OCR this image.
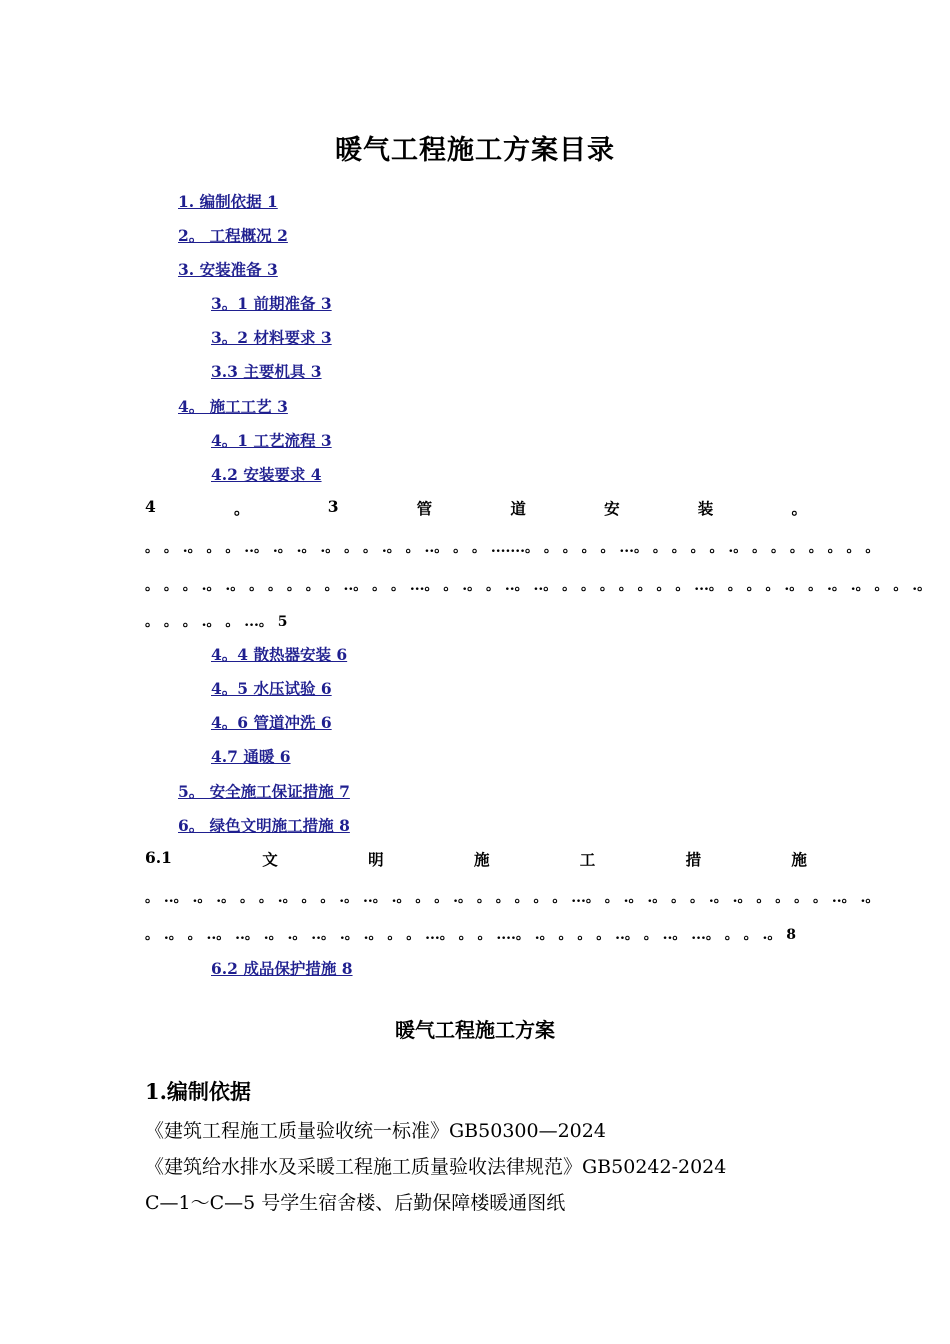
暖气工程施工方案目录
1. 编制依据 1
2。 工程概况 2
3. 安装准备 3
3。1 前期准备 3
3。2 材料要求 3
3.3 主要机具 3
4。 施工工艺 3
4。1 工艺流程 3
4.2 安装要求 4
4	。	3	管	道	安	装	。
。 。 .。 。 。 ..。 .。 .。 .。 。 。 .。 。 ..。 。 。 .......。 。 。 。 。 ...。 。 。 。 。 .。 。 。 。 。 。 。 。
。 。 。 .。 .。 。 。 。 。 。 ..。 。 。 ...。 。 .。 。 ..。 ..。 。 。 。 。 。 。 。 ...。 。 。 。 .。 。 .。 .。 。 。 .。
。 。 。 .。 。 ...。 5
4。4 散热器安装 6
4。5 水压试验 6
4。6 管道冲洗 6
4.7 通暖 6
5。 安全施工保证措施 7
6。 绿色文明施工措施 8
6.1	文	明	施	工	措	施
。 ..。 .。 .。 。 。 .。 。 。 .。 ..。 .。 。 。 .。 。 。 。 。 。 ...。 。 .。 .。 。 。 .。 .。 。 。 。 。 ..。 .。
。 .。 。 ..。 ..。 .。 .。 ..。 .。 .。 。 。 ...。 。 。 ....。 .。 。 。 。 ..。 。 ..。 ...。 。 。 .。 8
6.2 成品保护措施 8
暖气工程施工方案
1.编制依据
《建筑工程施工质量验收统一标准》GB50300—2024
《建筑给水排水及采暖工程施工质量验收法律规范》GB50242-2024
C—1～C—5 号学生宿舍楼、后勤保障楼暖通图纸
